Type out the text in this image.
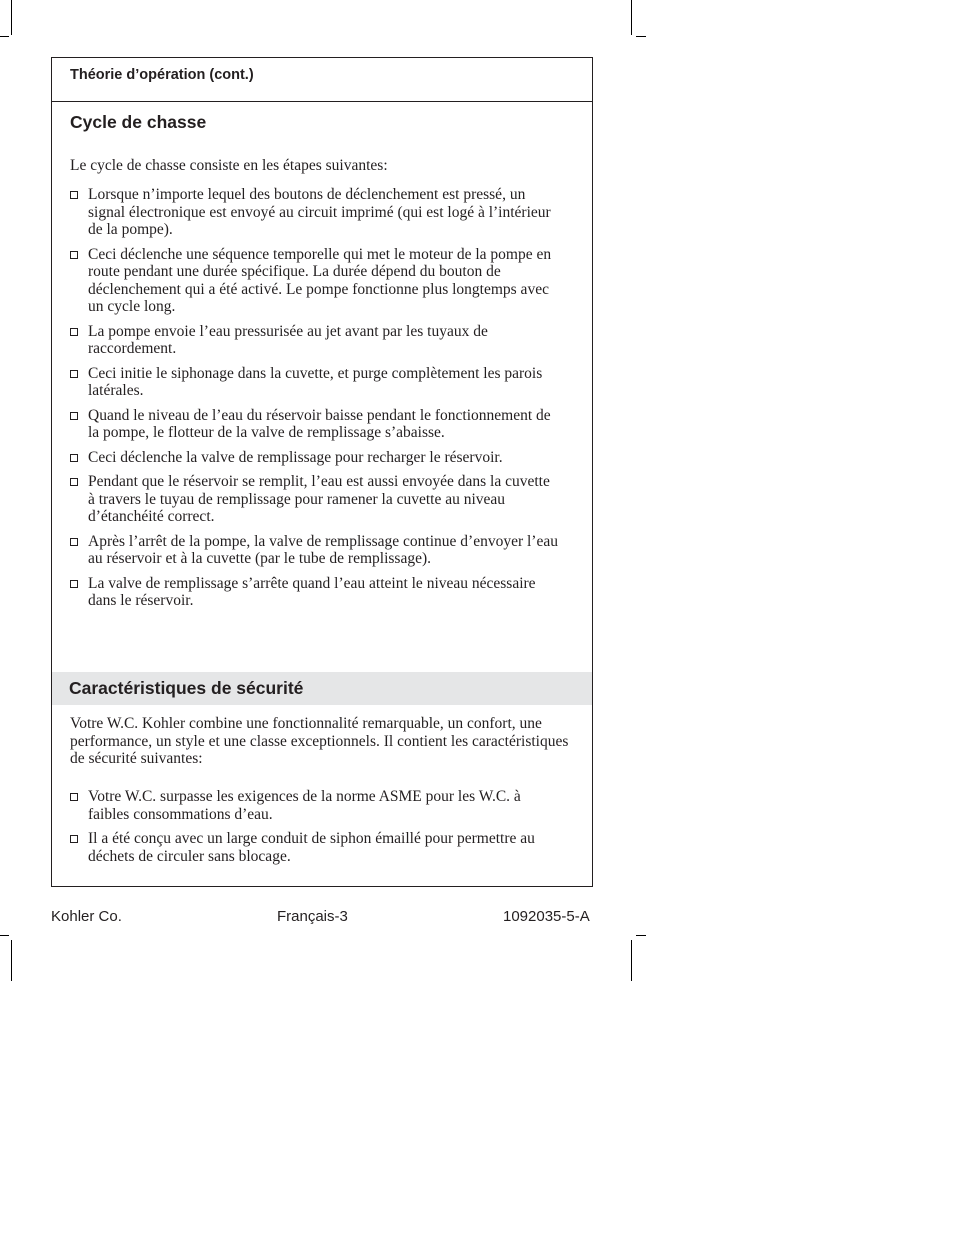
Théorie d’opération (cont.)
Cycle de chasse
Le cycle de chasse consiste en les étapes suivantes:
Lorsque n’importe lequel des boutons de déclenchement est pressé, un signal électronique est envoyé au circuit imprimé (qui est logé à l’intérieur de la pompe).
Ceci déclenche une séquence temporelle qui met le moteur de la pompe en route pendant une durée spécifique. La durée dépend du bouton de déclenchement qui a été activé. Le pompe fonctionne plus longtemps avec un cycle long.
La pompe envoie l’eau pressurisée au jet avant par les tuyaux de raccordement.
Ceci initie le siphonage dans la cuvette, et purge complètement les parois latérales.
Quand le niveau de l’eau du réservoir baisse pendant le fonctionnement de la pompe, le flotteur de la valve de remplissage s’abaisse.
Ceci déclenche la valve de remplissage pour recharger le réservoir.
Pendant que le réservoir se remplit, l’eau est aussi envoyée dans la cuvette à travers le tuyau de remplissage pour ramener la cuvette au niveau d’étanchéité correct.
Après l’arrêt de la pompe, la valve de remplissage continue d’envoyer l’eau au réservoir et à la cuvette (par le tube de remplissage).
La valve de remplissage s’arrête quand l’eau atteint le niveau nécessaire dans le réservoir.
Caractéristiques de sécurité
Votre W.C. Kohler combine une fonctionnalité remarquable, un confort, une performance, un style et une classe exceptionnels. Il contient les caractéristiques de sécurité suivantes:
Votre W.C. surpasse les exigences de la norme ASME pour les W.C. à faibles consommations d’eau.
Il a été conçu avec un large conduit de siphon émaillé pour permettre au déchets de circuler sans blocage.
Kohler Co.	Français-3	1092035-5-A
